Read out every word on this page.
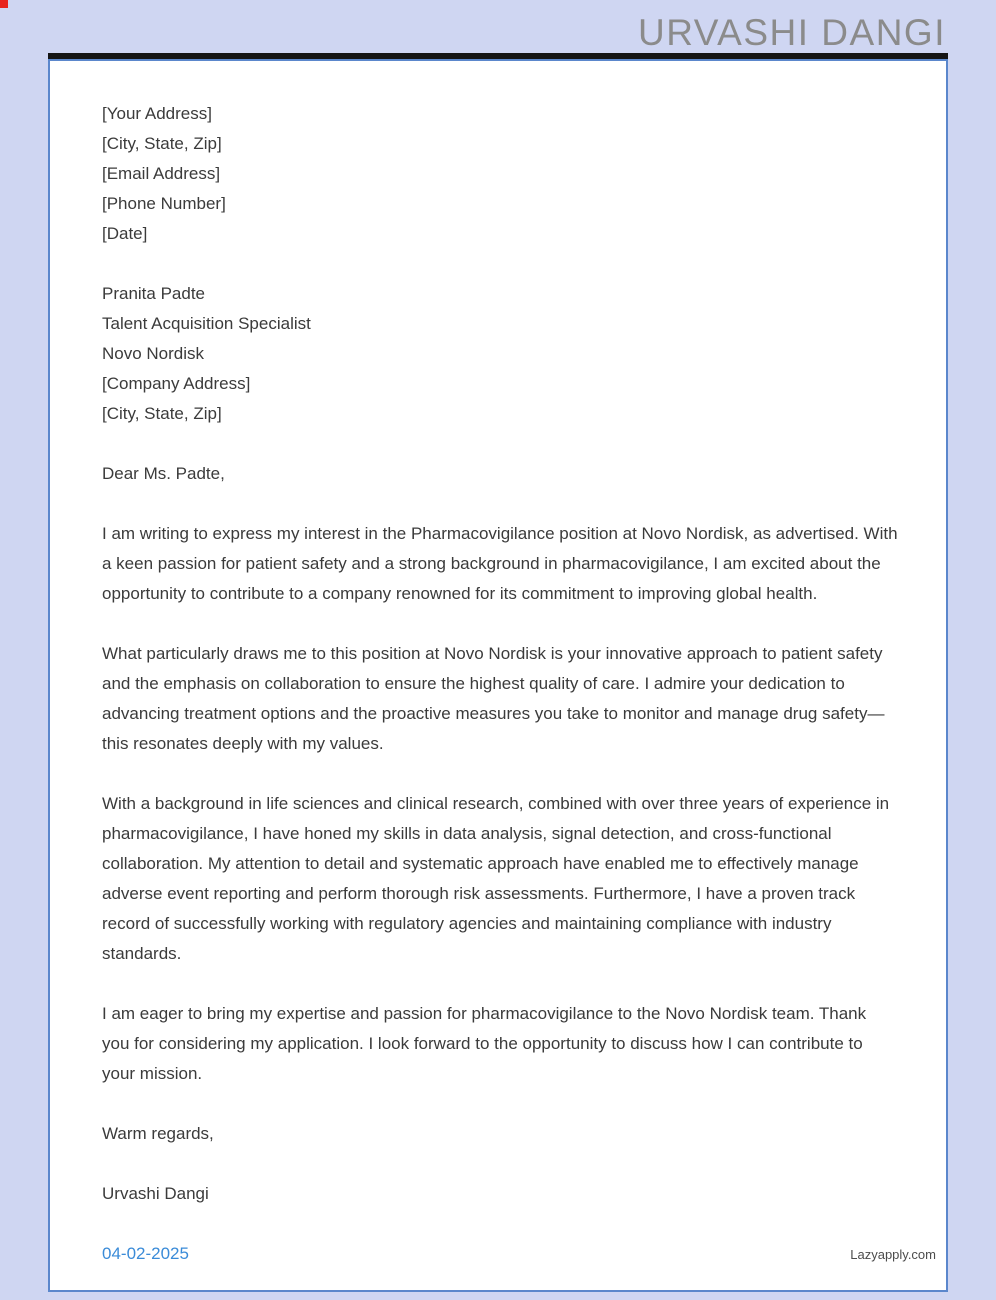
URVASHI DANGI
[Your Address]
[City, State, Zip]
[Email Address]
[Phone Number]
[Date]
Pranita Padte
Talent Acquisition Specialist
Novo Nordisk
[Company Address]
[City, State, Zip]

Dear Ms. Padte,

I am writing to express my interest in the Pharmacovigilance position at Novo Nordisk, as advertised. With a keen passion for patient safety and a strong background in pharmacovigilance, I am excited about the opportunity to contribute to a company renowned for its commitment to improving global health.

What particularly draws me to this position at Novo Nordisk is your innovative approach to patient safety and the emphasis on collaboration to ensure the highest quality of care. I admire your dedication to advancing treatment options and the proactive measures you take to monitor and manage drug safety—this resonates deeply with my values.

With a background in life sciences and clinical research, combined with over three years of experience in pharmacovigilance, I have honed my skills in data analysis, signal detection, and cross-functional collaboration. My attention to detail and systematic approach have enabled me to effectively manage adverse event reporting and perform thorough risk assessments. Furthermore, I have a proven track record of successfully working with regulatory agencies and maintaining compliance with industry standards.

I am eager to bring my expertise and passion for pharmacovigilance to the Novo Nordisk team. Thank you for considering my application. I look forward to the opportunity to discuss how I can contribute to your mission.

Warm regards,

Urvashi Dangi

04-02-2025	Lazyapply.com
